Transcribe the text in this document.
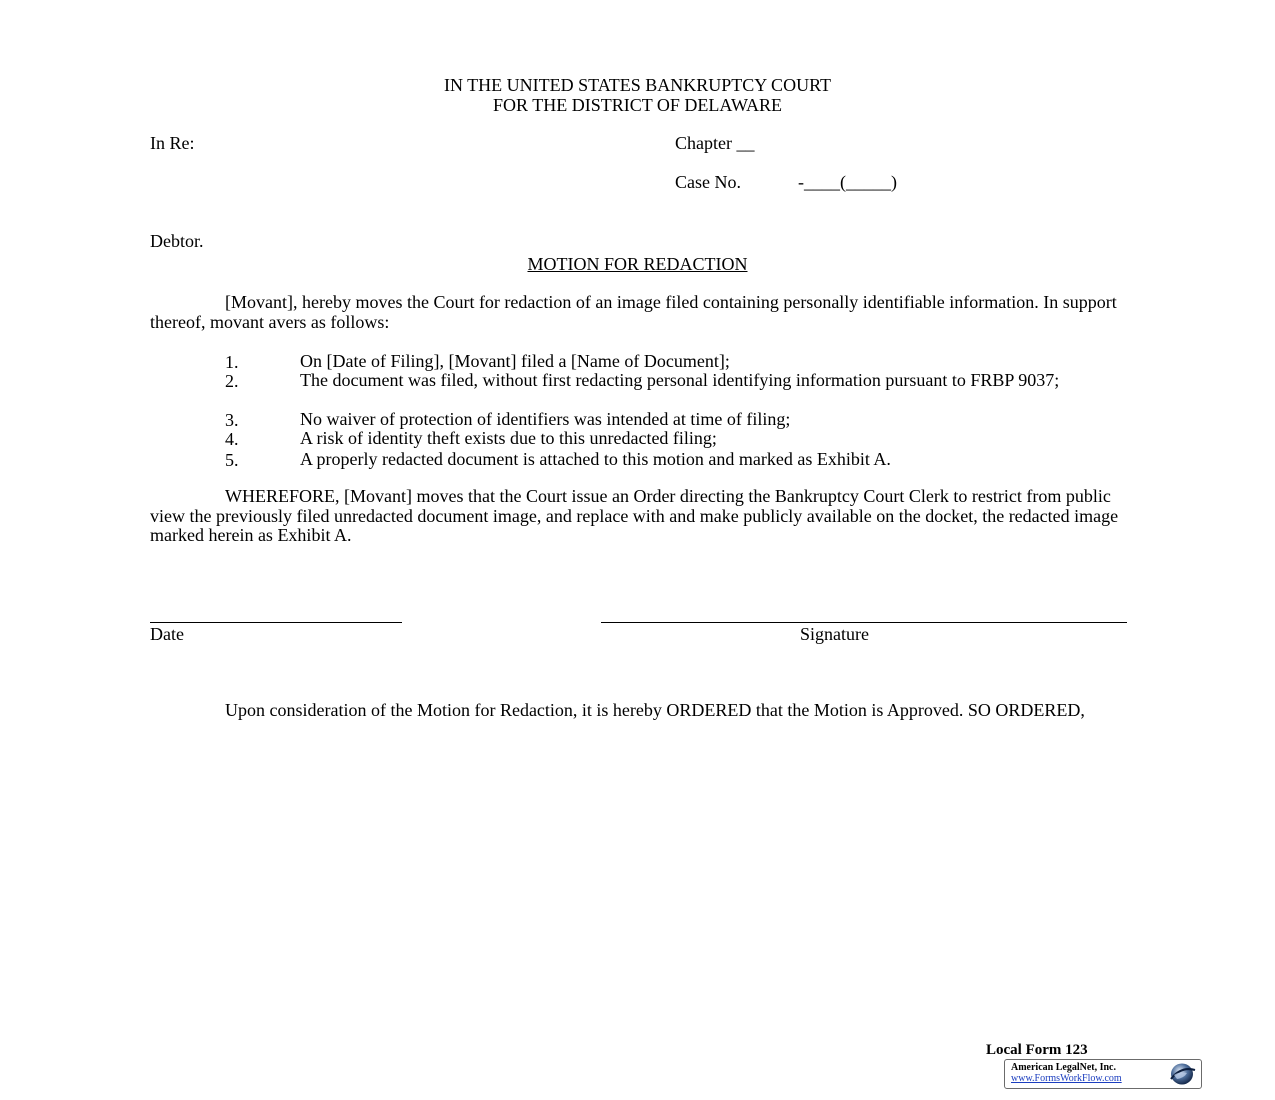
IN THE UNITED STATES BANKRUPTCY COURT
FOR THE DISTRICT OF DELAWARE
In Re:	Chapter __
Case No.	-____(_____)
Debtor.
MOTION FOR REDACTION
[Movant], hereby moves the Court for redaction of an image filed containing personally identifiable information. In support thereof, movant avers as follows:
1.	On [Date of Filing], [Movant] filed a [Name of Document];
2.	The document was filed, without first redacting personal identifying information pursuant to FRBP 9037;
3.	No waiver of protection of identifiers was intended at time of filing;
4.	A risk of identity theft exists due to this unredacted filing;
5.	A properly redacted document is attached to this motion and marked as Exhibit A.
WHEREFORE, [Movant] moves that the Court issue an Order directing the Bankruptcy Court Clerk to restrict from public view the previously filed unredacted document image, and replace with and make publicly available on the docket, the redacted image marked herein as Exhibit A.
Date	Signature
Upon consideration of the Motion for Redaction, it is hereby ORDERED that the Motion is Approved. SO ORDERED,
Local Form 123
American LegalNet, Inc.
www.FormsWorkFlow.com
